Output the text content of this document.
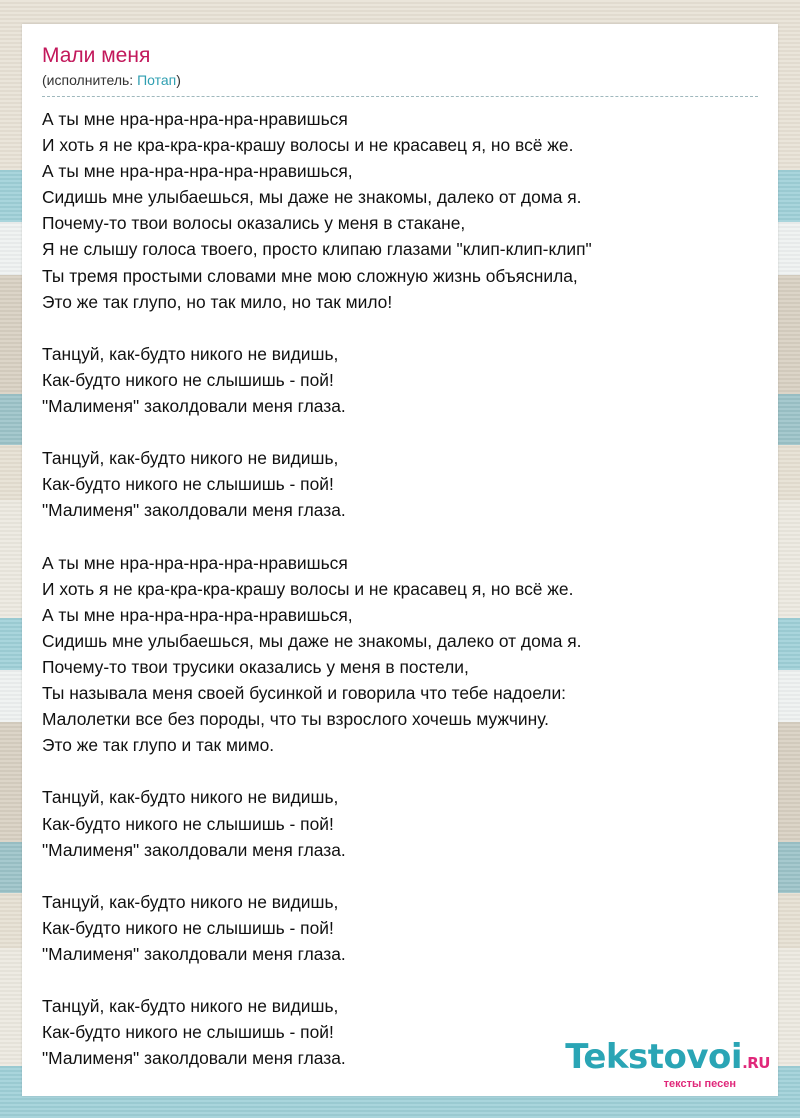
Мали меня
(исполнитель: Потап)
А ты мне нра-нра-нра-нра-нравишься
И хоть я не кра-кра-кра-крашу волосы и не красавец я, но всё же.
А ты мне нра-нра-нра-нра-нравишься,
Сидишь мне улыбаешься, мы даже не знакомы, далеко от дома я.
Почему-то твои волосы оказались у меня в стакане,
Я не слышу голоса твоего, просто клипаю глазами "клип-клип-клип"
Ты тремя простыми словами мне мою сложную жизнь объяснила,
Это же так глупо, но так мило, но так мило!
Танцуй, как-будто никого не видишь,
Как-будто никого не слышишь - пой!
"Малименя" заколдовали меня глаза.
Танцуй, как-будто никого не видишь,
Как-будто никого не слышишь - пой!
"Малименя" заколдовали меня глаза.
А ты мне нра-нра-нра-нра-нравишься
И хоть я не кра-кра-кра-крашу волосы и не красавец я, но всё же.
А ты мне нра-нра-нра-нра-нравишься,
Сидишь мне улыбаешься, мы даже не знакомы, далеко от дома я.
Почему-то твои трусики оказались у меня в постели,
Ты называла меня своей бусинкой и говорила что тебе надоели:
Малолетки все без породы, что ты взрослого хочешь мужчину.
Это же так глупо и так мимо.
Танцуй, как-будто никого не видишь,
Как-будто никого не слышишь - пой!
"Малименя" заколдовали меня глаза.
Танцуй, как-будто никого не видишь,
Как-будто никого не слышишь - пой!
"Малименя" заколдовали меня глаза.
Танцуй, как-будто никого не видишь,
Как-будто никого не слышишь - пой!
"Малименя" заколдовали меня глаза.	Tekstovoi.RU
тексты песен
